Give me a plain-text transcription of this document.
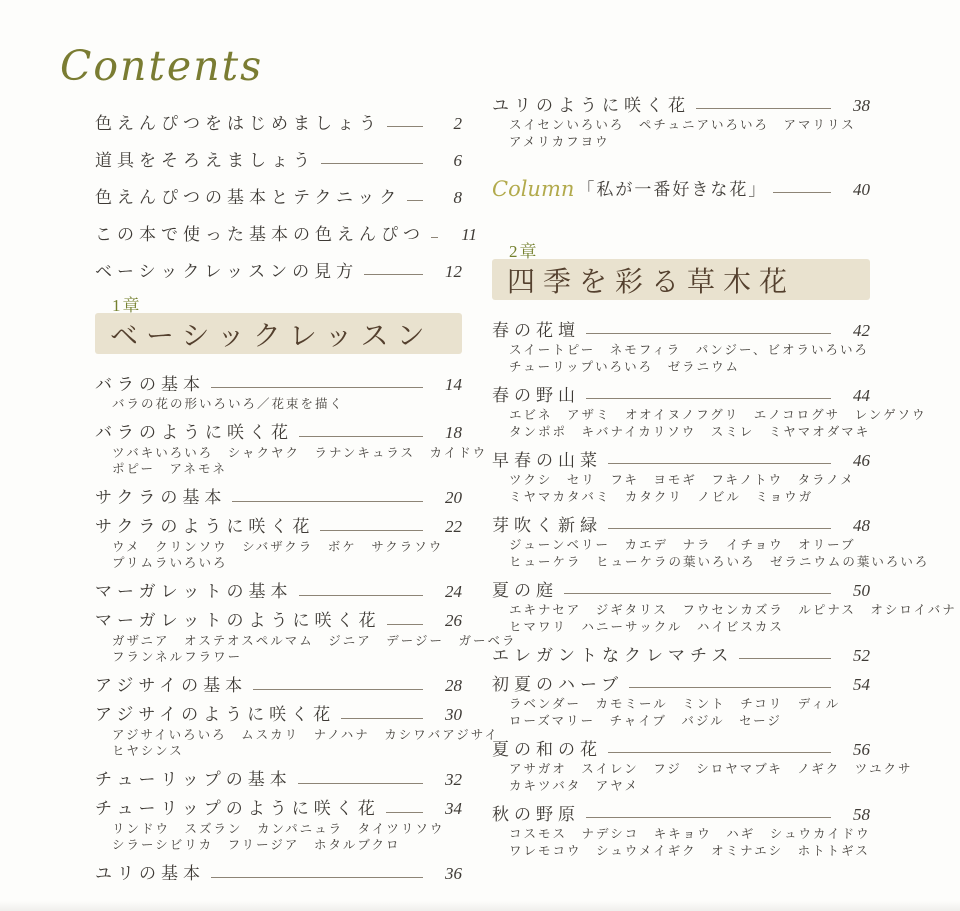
Contents
色えんぴつをはじめましょう	2
道具をそろえましょう	6
色えんぴつの基本とテクニック	8
この本で使った基本の色えんぴつ	11
ベーシックレッスンの見方	12
1章
ベーシックレッスン
バラの基本	14
バラの花の形いろいろ／花束を描く
バラのように咲く花	18
ツバキいろいろ　シャクヤク　ラナンキュラス　カイドウ
ポピー　アネモネ
サクラの基本	20
サクラのように咲く花	22
ウメ　クリンソウ　シバザクラ　ボケ　サクラソウ
プリムラいろいろ
マーガレットの基本	24
マーガレットのように咲く花	26
ガザニア　オステオスペルマム　ジニア　デージー　ガーベラ
フランネルフラワー
アジサイの基本	28
アジサイのように咲く花	30
アジサイいろいろ　ムスカリ　ナノハナ　カシワバアジサイ
ヒヤシンス
チューリップの基本	32
チューリップのように咲く花	34
リンドウ　スズラン　カンパニュラ　タイツリソウ
シラーシビリカ　フリージア　ホタルブクロ
ユリの基本	36
ユリのように咲く花	38
スイセンいろいろ　ペチュニアいろいろ　アマリリス
アメリカフヨウ
Column 「私が一番好きな花」	40
2章
四季を彩る草木花
春の花壇	42
スイートピー　ネモフィラ　パンジー、ビオラいろいろ
チューリップいろいろ　ゼラニウム
春の野山	44
エビネ　アザミ　オオイヌノフグリ　エノコログサ　レンゲソウ
タンポポ　キバナイカリソウ　スミレ　ミヤマオダマキ
早春の山菜	46
ツクシ　セリ　フキ　ヨモギ　フキノトウ　タラノメ
ミヤマカタバミ　カタクリ　ノビル　ミョウガ
芽吹く新緑	48
ジューンベリー　カエデ　ナラ　イチョウ　オリーブ
ヒューケラ　ヒューケラの葉いろいろ　ゼラニウムの葉いろいろ
夏の庭	50
エキナセア　ジギタリス　フウセンカズラ　ルピナス　オシロイバナ
ヒマワリ　ハニーサックル　ハイビスカス
エレガントなクレマチス	52
初夏のハーブ	54
ラベンダー　カモミール　ミント　チコリ　ディル
ローズマリー　チャイブ　バジル　セージ
夏の和の花	56
アサガオ　スイレン　フジ　シロヤマブキ　ノギク　ツユクサ
カキツバタ　アヤメ
秋の野原	58
コスモス　ナデシコ　キキョウ　ハギ　シュウカイドウ
ワレモコウ　シュウメイギク　オミナエシ　ホトトギス
